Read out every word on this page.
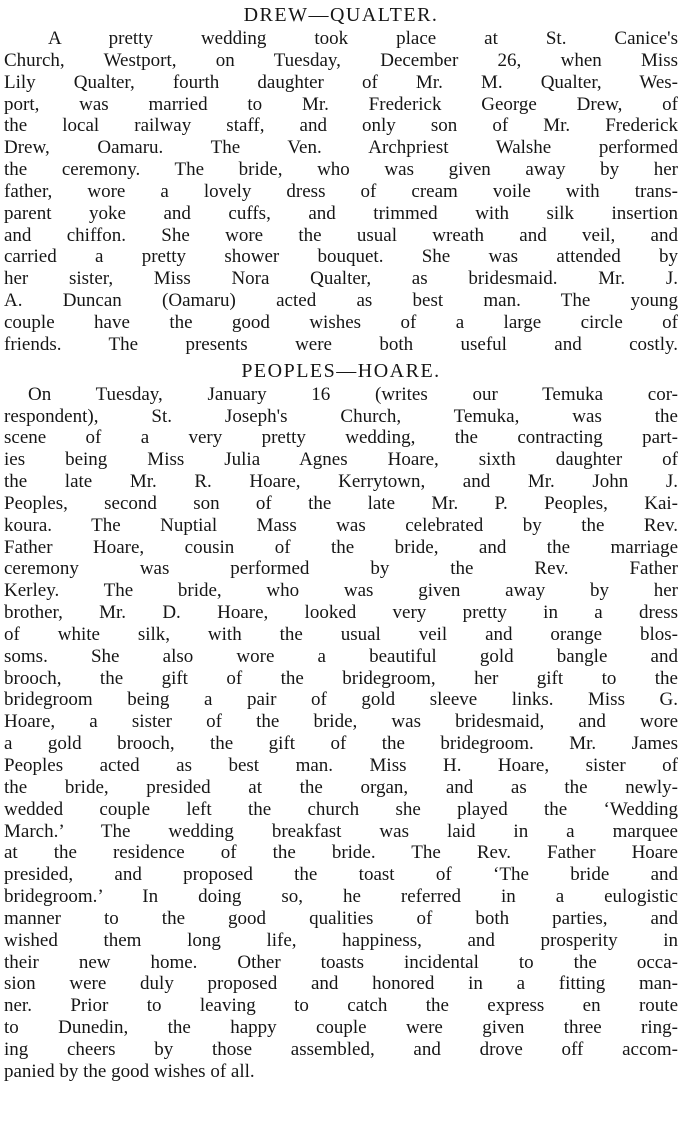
DREW—QUALTER.
A pretty wedding took place at St. Canice's
Church, Westport, on Tuesday, December 26, when Miss
Lily Qualter, fourth daughter of Mr. M. Qualter, Wes-
port, was married to Mr. Frederick George Drew, of
the local railway staff, and only son of Mr. Frederick
Drew, Oamaru. The Ven. Archpriest Walshe performed
the ceremony. The bride, who was given away by her
father, wore a lovely dress of cream voile with trans-
parent yoke and cuffs, and trimmed with silk insertion
and chiffon. She wore the usual wreath and veil, and
carried a pretty shower bouquet. She was attended by
her sister, Miss Nora Qualter, as bridesmaid. Mr. J.
A. Duncan (Oamaru) acted as best man. The young
couple have the good wishes of a large circle of
friends. The presents were both useful and costly.
PEOPLES—HOARE.
On Tuesday, January 16 (writes our Temuka cor-
respondent), St. Joseph's Church, Temuka, was the
scene of a very pretty wedding, the contracting part-
ies being Miss Julia Agnes Hoare, sixth daughter of
the late Mr. R. Hoare, Kerrytown, and Mr. John J.
Peoples, second son of the late Mr. P. Peoples, Kai-
koura. The Nuptial Mass was celebrated by the Rev.
Father Hoare, cousin of the bride, and the marriage
ceremony was performed by the Rev. Father
Kerley. The bride, who was given away by her
brother, Mr. D. Hoare, looked very pretty in a dress
of white silk, with the usual veil and orange blos-
soms. She also wore a beautiful gold bangle and
brooch, the gift of the bridegroom, her gift to the
bridegroom being a pair of gold sleeve links. Miss G.
Hoare, a sister of the bride, was bridesmaid, and wore
a gold brooch, the gift of the bridegroom. Mr. James
Peoples acted as best man. Miss H. Hoare, sister of
the bride, presided at the organ, and as the newly-
wedded couple left the church she played the ‘Wedding
March.’ The wedding breakfast was laid in a marquee
at the residence of the bride. The Rev. Father Hoare
presided, and proposed the toast of ‘The bride and
bridegroom.’ In doing so, he referred in a eulogistic
manner to the good qualities of both parties, and
wished them long life, happiness, and prosperity in
their new home. Other toasts incidental to the occa-
sion were duly proposed and honored in a fitting man-
ner. Prior to leaving to catch the express en route
to Dunedin, the happy couple were given three ring-
ing cheers by those assembled, and drove off accom-
panied by the good wishes of all.
